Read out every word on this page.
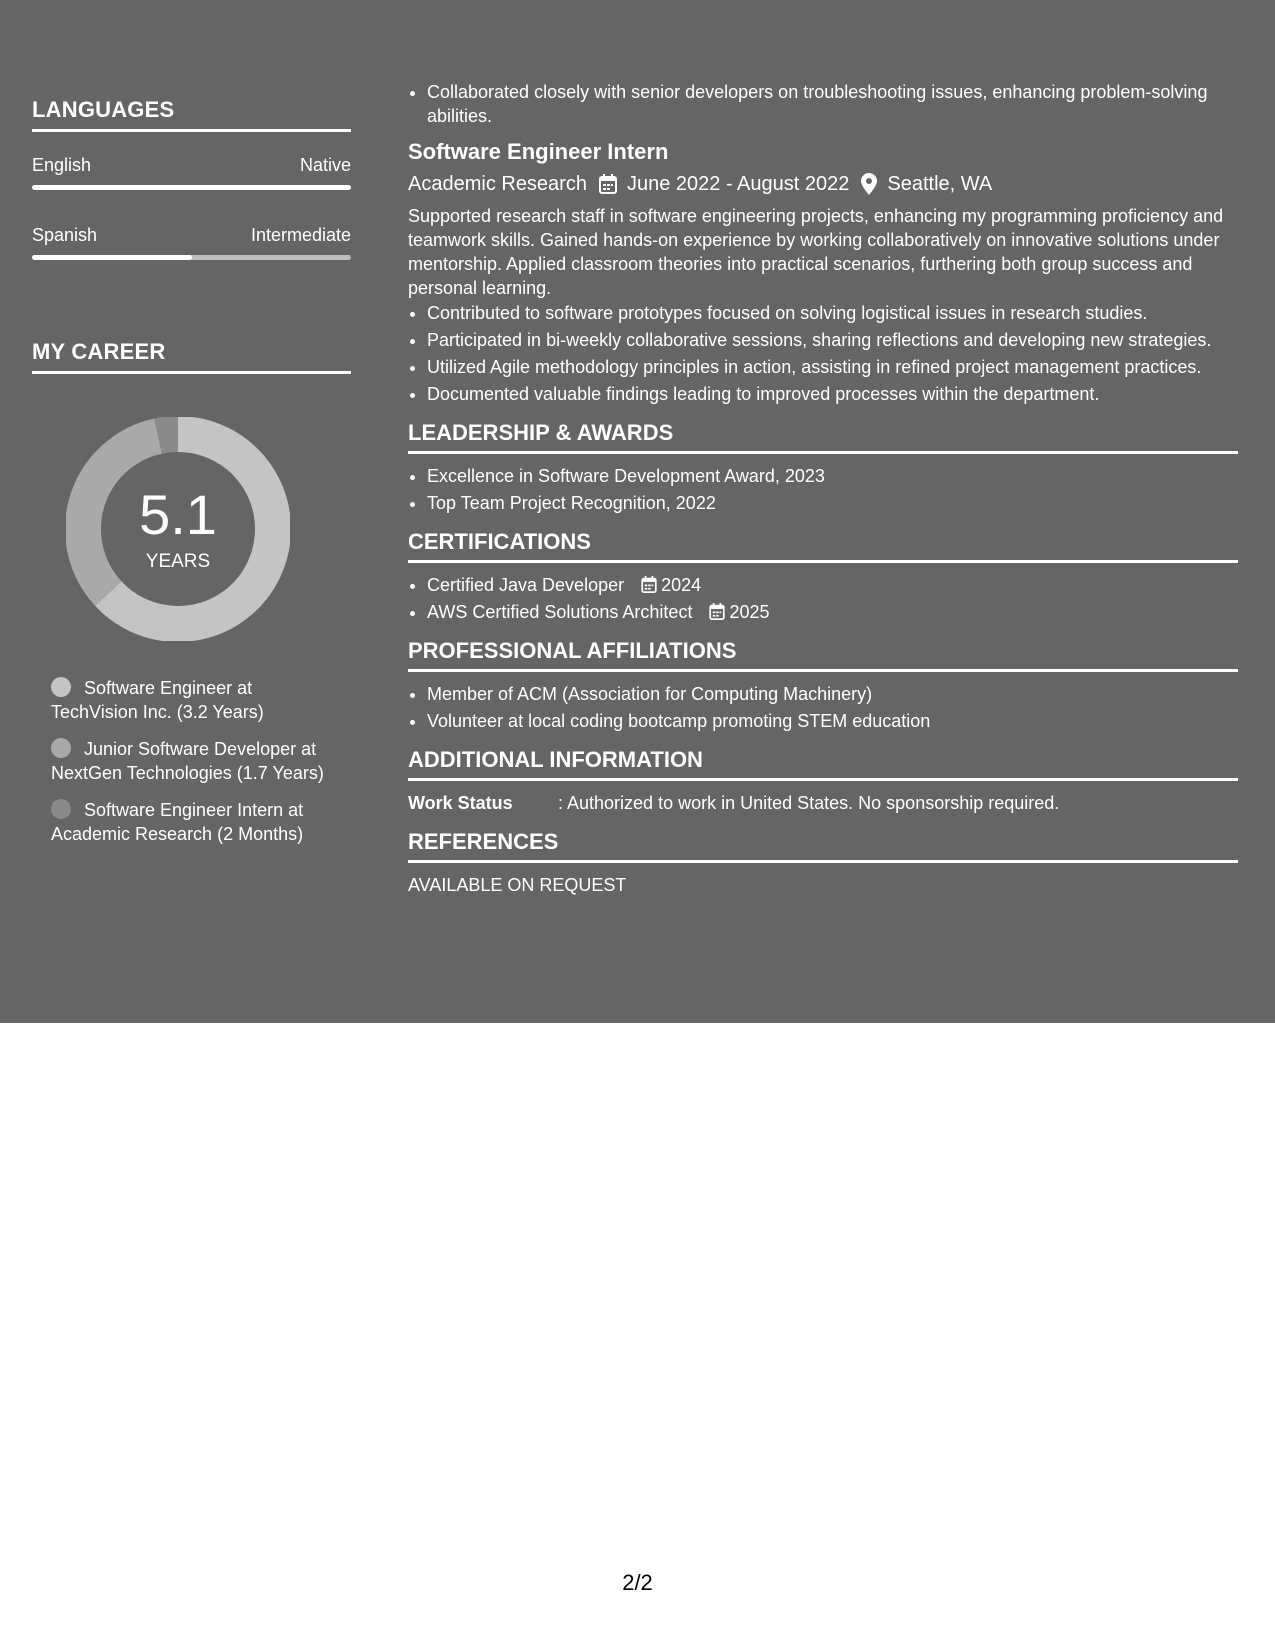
LANGUAGES
English	Native
Spanish	Intermediate
MY CAREER
5.1
YEARS
Software Engineer at TechVision Inc. (3.2 Years)
Junior Software Developer at NextGen Technologies (1.7 Years)
Software Engineer Intern at Academic Research (2 Months)
• Collaborated closely with senior developers on troubleshooting issues, enhancing problem-solving abilities.
Software Engineer Intern
Academic Research June 2022 - August 2022 Seattle, WA
Supported research staff in software engineering projects, enhancing my programming proficiency and teamwork skills. Gained hands-on experience by working collaboratively on innovative solutions under mentorship. Applied classroom theories into practical scenarios, furthering both group success and personal learning.
• Contributed to software prototypes focused on solving logistical issues in research studies.
• Participated in bi-weekly collaborative sessions, sharing reflections and developing new strategies.
• Utilized Agile methodology principles in action, assisting in refined project management practices.
• Documented valuable findings leading to improved processes within the department.
LEADERSHIP & AWARDS
• Excellence in Software Development Award, 2023
• Top Team Project Recognition, 2022
CERTIFICATIONS
• Certified Java Developer 2024
• AWS Certified Solutions Architect 2025
PROFESSIONAL AFFILIATIONS
• Member of ACM (Association for Computing Machinery)
• Volunteer at local coding bootcamp promoting STEM education
ADDITIONAL INFORMATION
Work Status	: Authorized to work in United States. No sponsorship required.
REFERENCES
AVAILABLE ON REQUEST
2/2
